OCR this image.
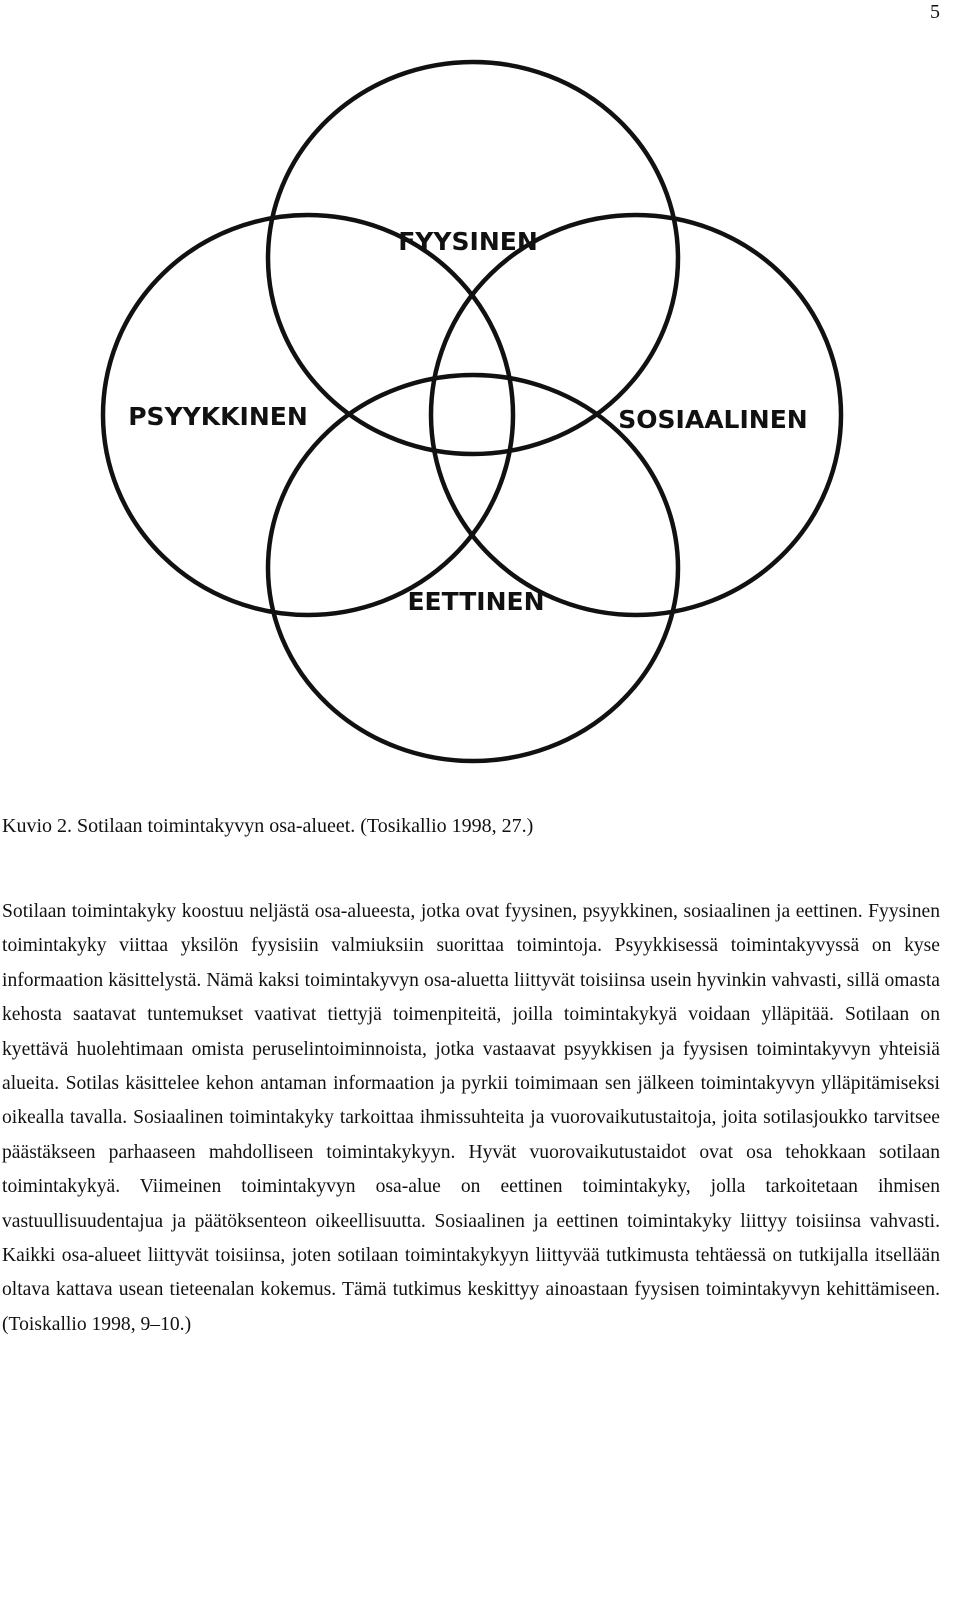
5
FYYSINEN
PSYYKKINEN	SOSIAALINEN
EETTINEN
Kuvio 2. Sotilaan toimintakyvyn osa-alueet. (Tosikallio 1998, 27.)

Sotilaan toimintakyky koostuu neljästä osa-alueesta, jotka ovat fyysinen, psyykkinen, sosiaalinen ja eettinen. Fyysinen toimintakyky viittaa yksilön fyysisiin valmiuksiin suorittaa toimintoja. Psyykkisessä toimintakyvyssä on kyse informaation käsittelystä. Nämä kaksi toimintakyvyn osa-aluetta liittyvät toisiinsa usein hyvinkin vahvasti, sillä omasta kehosta saatavat tuntemukset vaativat tiettyjä toimenpiteitä, joilla toimintakykyä voidaan ylläpitää. Sotilaan on kyettävä huolehtimaan omista peruselintoiminnoista, jotka vastaavat psyykkisen ja fyysisen toimintakyvyn yhteisiä alueita. Sotilas käsittelee kehon antaman informaation ja pyrkii toimimaan sen jälkeen toimintakyvyn ylläpitämiseksi oikealla tavalla. Sosiaalinen toimintakyky tarkoittaa ihmissuhteita ja vuorovaikutustaitoja, joita sotilasjoukko tarvitsee päästäkseen parhaaseen mahdolliseen toimintakykyyn. Hyvät vuorovaikutustaidot ovat osa tehokkaan sotilaan toimintakykyä. Viimeinen toimintakyvyn osa-alue on eettinen toimintakyky, jolla tarkoitetaan ihmisen vastuullisuudentajua ja päätöksenteon oikeellisuutta. Sosiaalinen ja eettinen toimintakyky liittyy toisiinsa vahvasti. Kaikki osa-alueet liittyvät toisiinsa, joten sotilaan toimintakykyyn liittyvää tutkimusta tehtäessä on tutkijalla itsellään oltava kattava usean tieteenalan kokemus. Tämä tutkimus keskittyy ainoastaan fyysisen toimintakyvyn kehittämiseen. (Toiskallio 1998, 9–10.)
